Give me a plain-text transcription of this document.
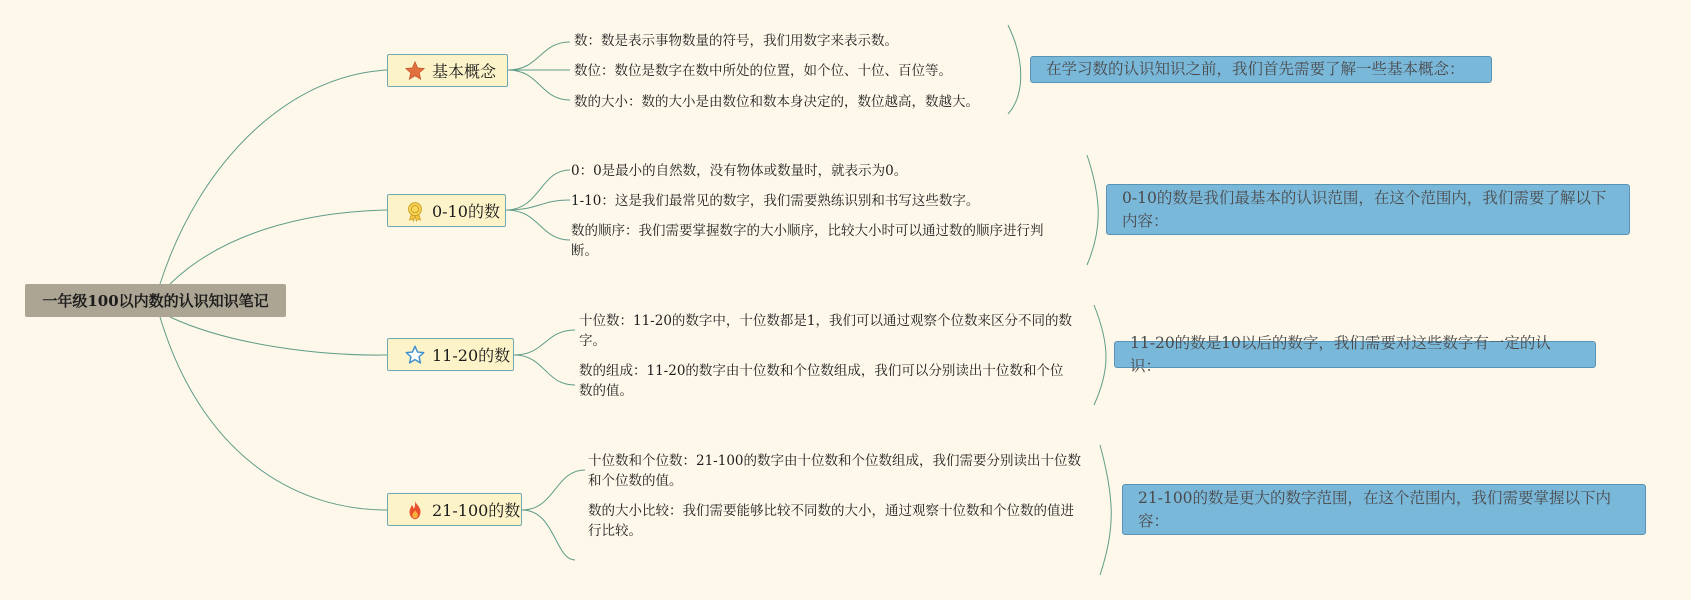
一年级100以内数的认识知识笔记
基本概念
数：数是表示事物数量的符号，我们用数字来表示数。
数位：数位是数字在数中所处的位置，如个位、十位、百位等。
数的大小：数的大小是由数位和数本身决定的，数位越高，数越大。
在学习数的认识知识之前，我们首先需要了解一些基本概念：
0-10的数
0：0是最小的自然数，没有物体或数量时，就表示为0。
1-10：这是我们最常见的数字，我们需要熟练识别和书写这些数字。
数的顺序：我们需要掌握数字的大小顺序，比较大小时可以通过数的顺序进行判断。
0-10的数是我们最基本的认识范围，在这个范围内，我们需要了解以下内容：
11-20的数
十位数：11-20的数字中，十位数都是1，我们可以通过观察个位数来区分不同的数字。
数的组成：11-20的数字由十位数和个位数组成，我们可以分别读出十位数和个位数的值。
11-20的数是10以后的数字，我们需要对这些数字有一定的认识：
21-100的数
十位数和个位数：21-100的数字由十位数和个位数组成，我们需要分别读出十位数和个位数的值。
数的大小比较：我们需要能够比较不同数的大小，通过观察十位数和个位数的值进行比较。
21-100的数是更大的数字范围，在这个范围内，我们需要掌握以下内容：
